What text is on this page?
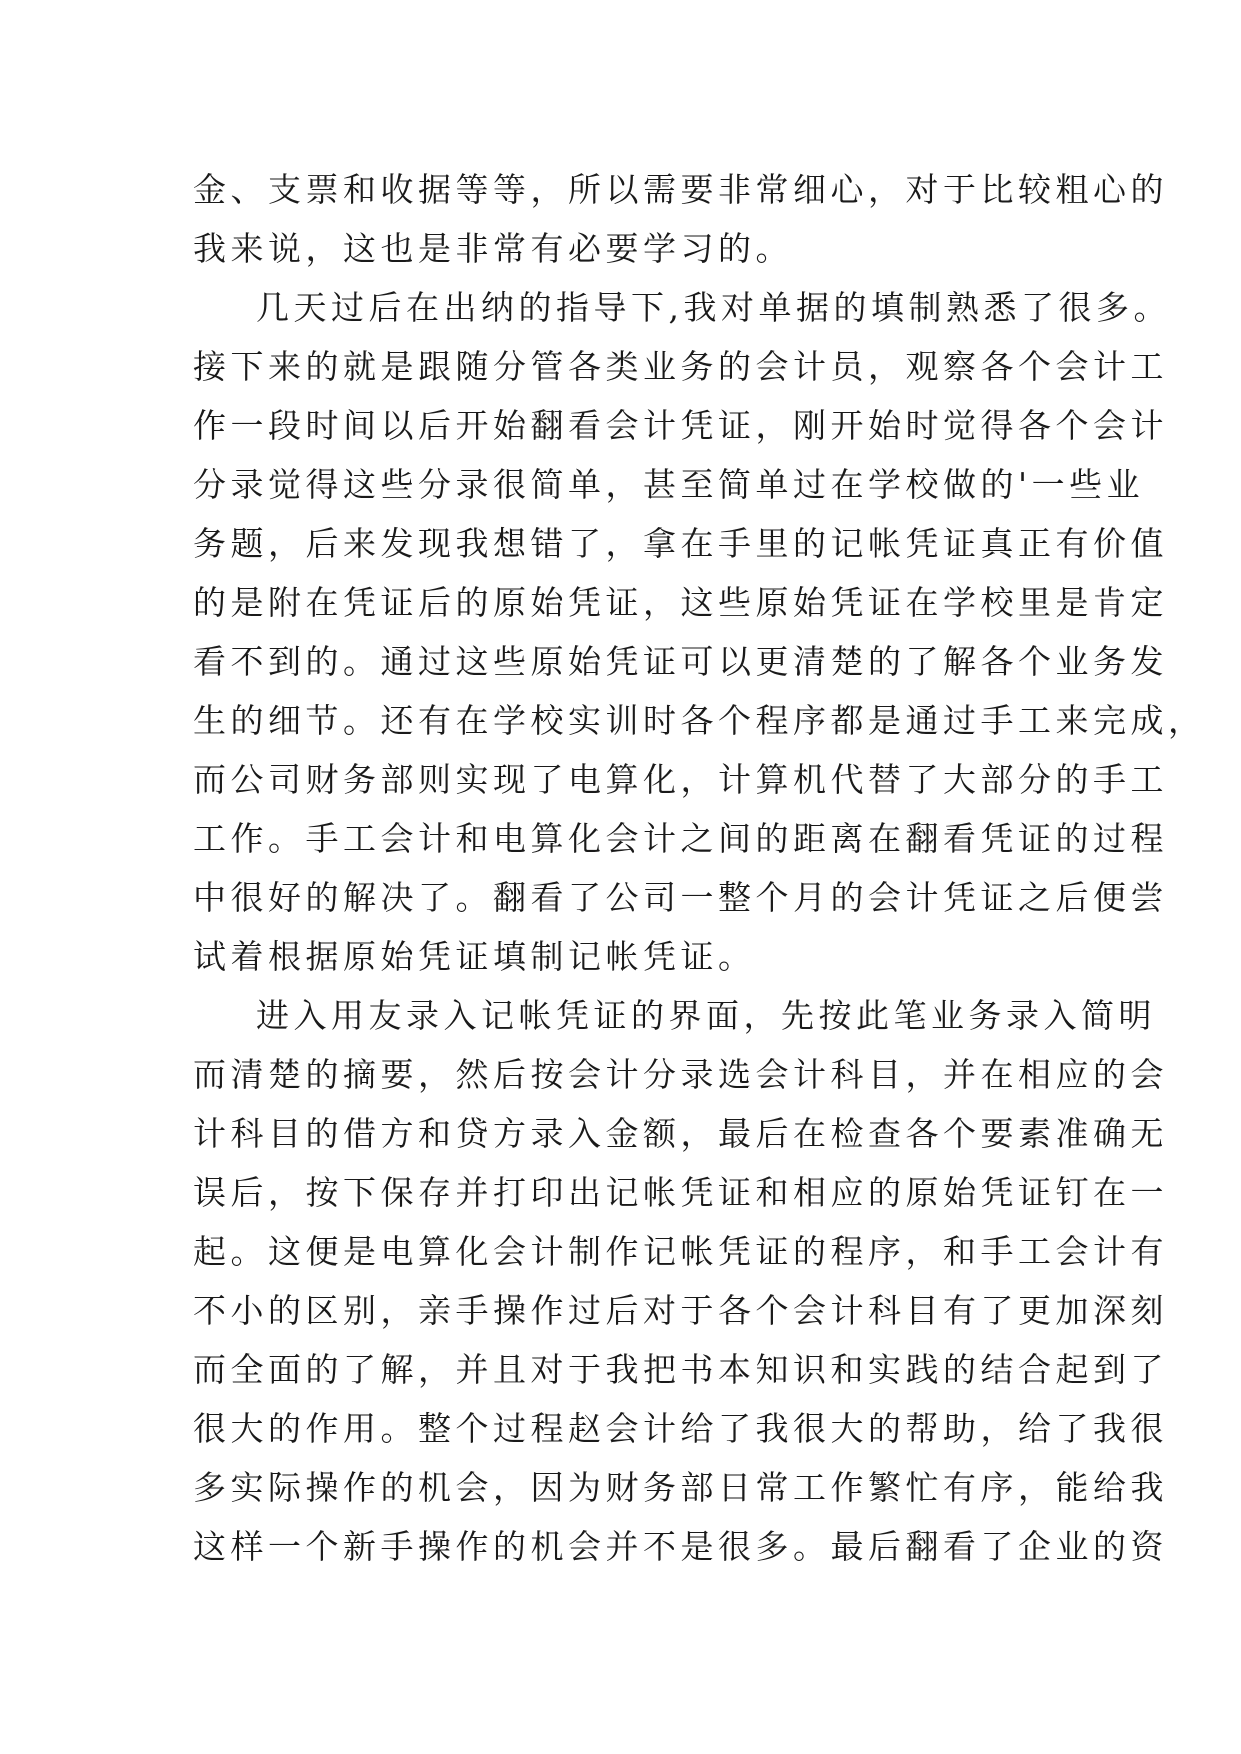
金、支票和收据等等，所以需要非常细心，对于比较粗心的
我来说，这也是非常有必要学习的。
几天过后在出纳的指导下,我对单据的填制熟悉了很多。
接下来的就是跟随分管各类业务的会计员，观察各个会计工
作一段时间以后开始翻看会计凭证，刚开始时觉得各个会计
分录觉得这些分录很简单，甚至简单过在学校做的'一些业
务题，后来发现我想错了，拿在手里的记帐凭证真正有价值
的是附在凭证后的原始凭证，这些原始凭证在学校里是肯定
看不到的。通过这些原始凭证可以更清楚的了解各个业务发
生的细节。还有在学校实训时各个程序都是通过手工来完成，
而公司财务部则实现了电算化，计算机代替了大部分的手工
工作。手工会计和电算化会计之间的距离在翻看凭证的过程
中很好的解决了。翻看了公司一整个月的会计凭证之后便尝
试着根据原始凭证填制记帐凭证。
进入用友录入记帐凭证的界面，先按此笔业务录入简明
而清楚的摘要，然后按会计分录选会计科目，并在相应的会
计科目的借方和贷方录入金额，最后在检查各个要素准确无
误后，按下保存并打印出记帐凭证和相应的原始凭证钉在一
起。这便是电算化会计制作记帐凭证的程序，和手工会计有
不小的区别，亲手操作过后对于各个会计科目有了更加深刻
而全面的了解，并且对于我把书本知识和实践的结合起到了
很大的作用。整个过程赵会计给了我很大的帮助，给了我很
多实际操作的机会，因为财务部日常工作繁忙有序，能给我
这样一个新手操作的机会并不是很多。最后翻看了企业的资
